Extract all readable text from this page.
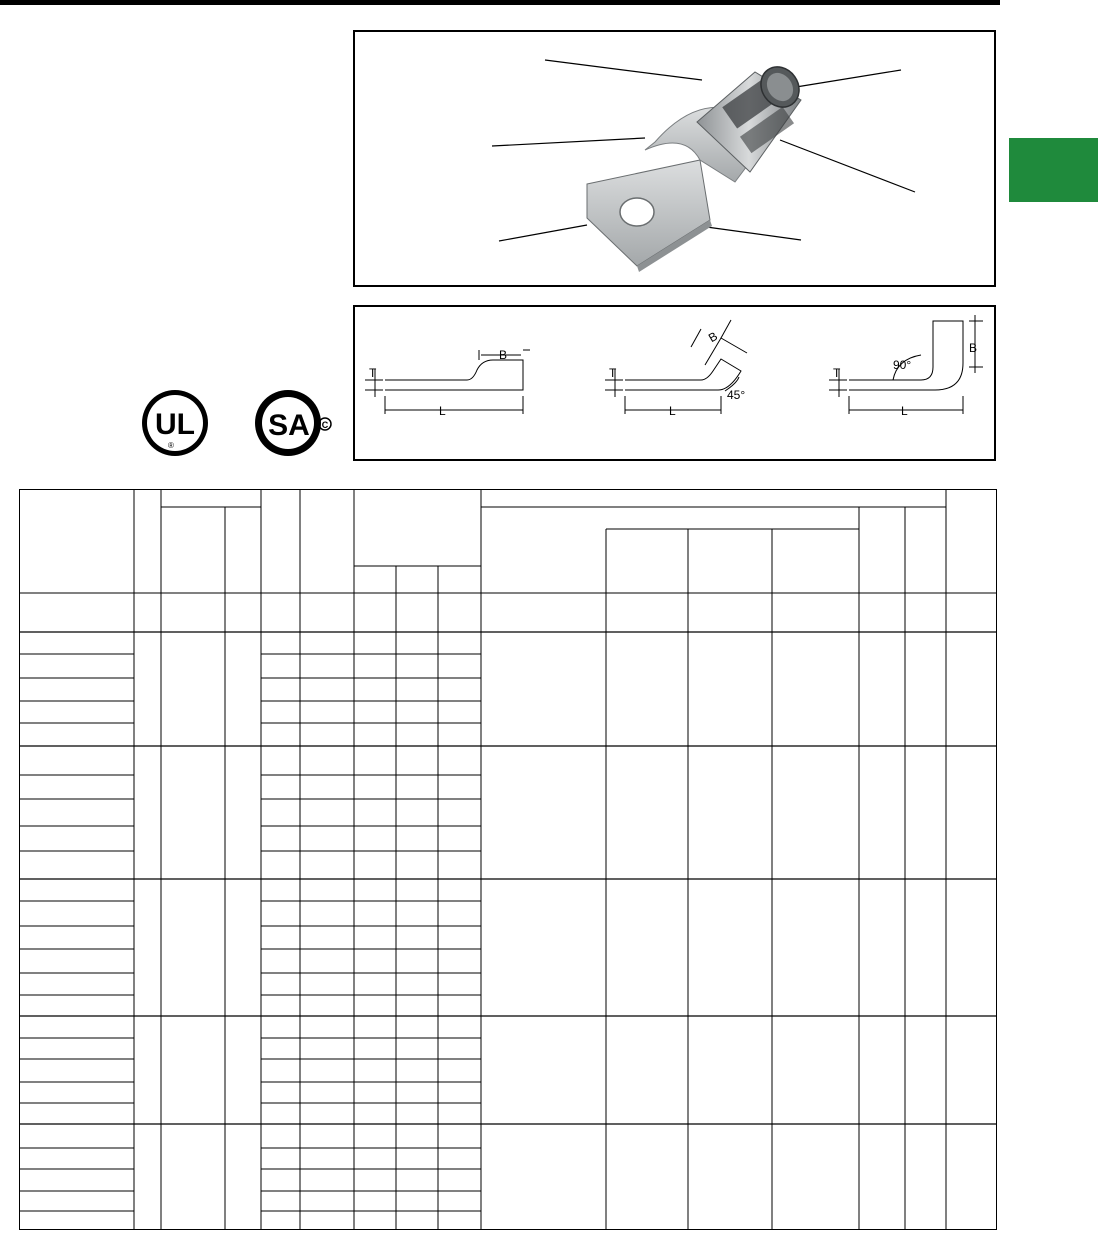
B
T
L
B
T
L
45°
B
T
L
90°
UL
®
SA C
